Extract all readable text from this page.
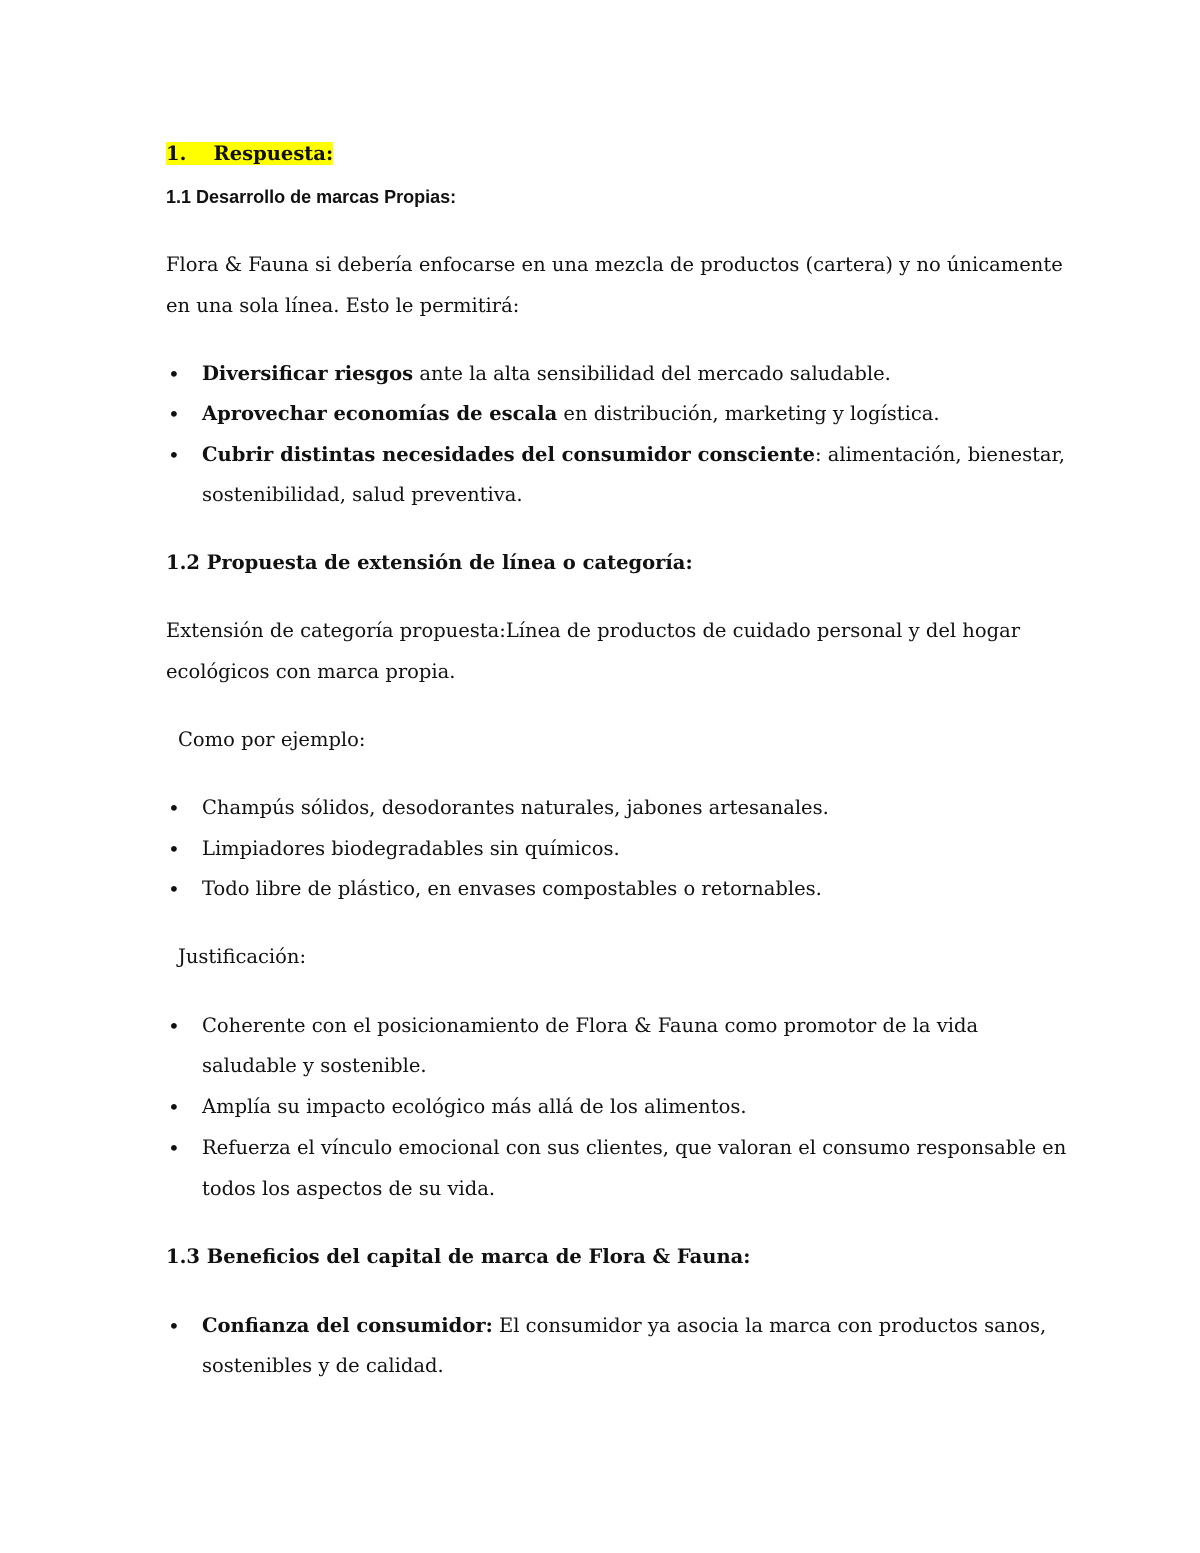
1. Respuesta:
1.1 Desarrollo de marcas Propias:
Flora & Fauna si debería enfocarse en una mezcla de productos (cartera) y no únicamente
en una sola línea. Esto le permitirá:
• Diversificar riesgos ante la alta sensibilidad del mercado saludable.
• Aprovechar economías de escala en distribución, marketing y logística.
• Cubrir distintas necesidades del consumidor consciente: alimentación, bienestar,
sostenibilidad, salud preventiva.
1.2 Propuesta de extensión de línea o categoría:
Extensión de categoría propuesta:Línea de productos de cuidado personal y del hogar
ecológicos con marca propia.
Como por ejemplo:
• Champús sólidos, desodorantes naturales, jabones artesanales.
• Limpiadores biodegradables sin químicos.
• Todo libre de plástico, en envases compostables o retornables.
Justificación:
• Coherente con el posicionamiento de Flora & Fauna como promotor de la vida
saludable y sostenible.
• Amplía su impacto ecológico más allá de los alimentos.
• Refuerza el vínculo emocional con sus clientes, que valoran el consumo responsable en
todos los aspectos de su vida.
1.3 Beneficios del capital de marca de Flora & Fauna:
• Confianza del consumidor: El consumidor ya asocia la marca con productos sanos,
sostenibles y de calidad.
